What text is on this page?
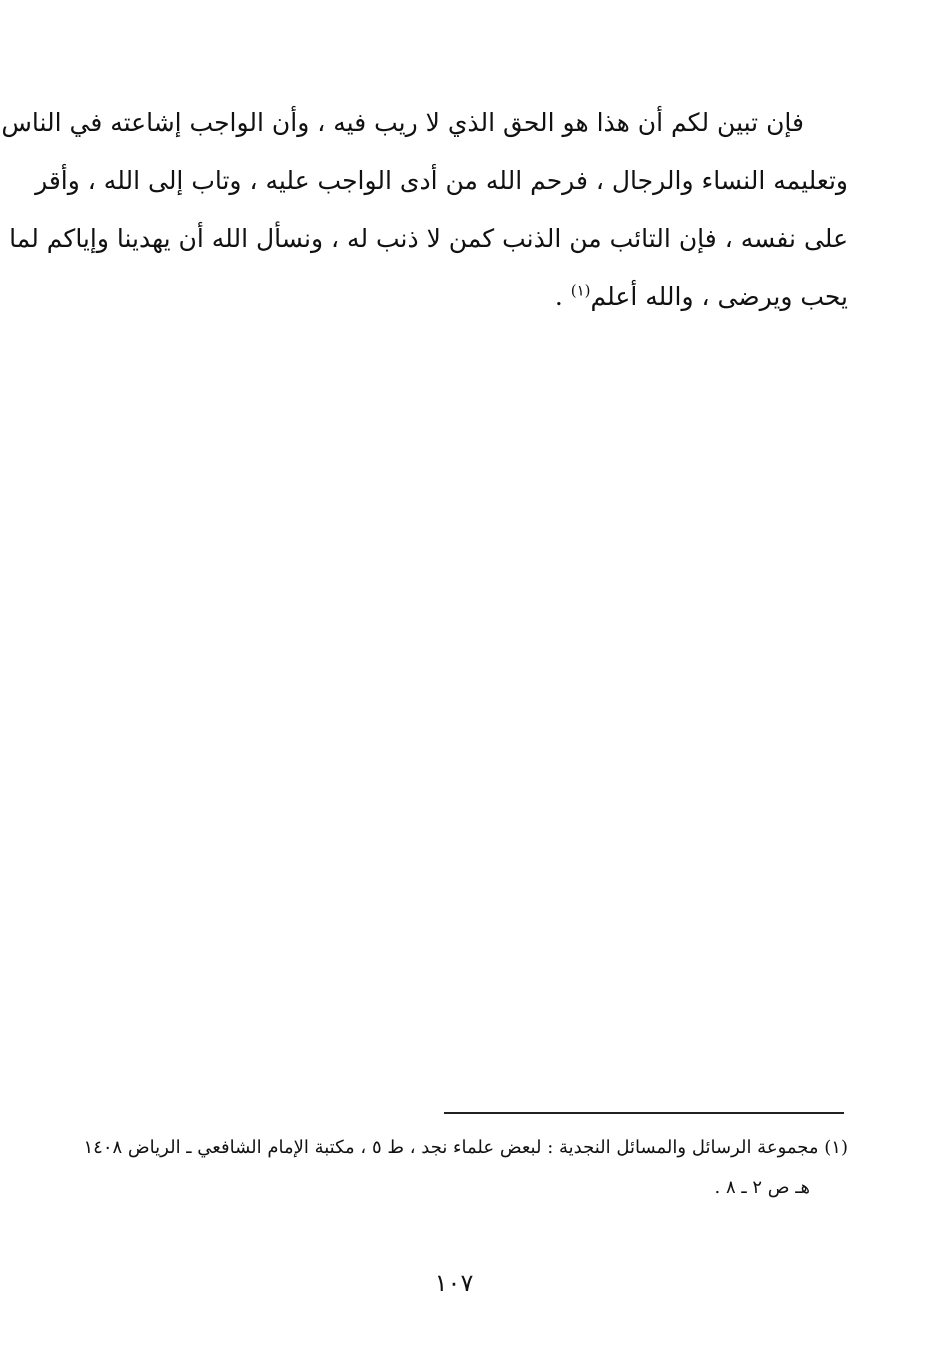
فإن تبين لكم أن هذا هو الحق الذي لا ريب فيه ، وأن الواجب إشاعته في الناس
وتعليمه النساء والرجال ، فرحم الله من أدى الواجب عليه ، وتاب إلى الله ، وأقر
على نفسه ، فإن التائب من الذنب كمن لا ذنب له ، ونسأل الله أن يهدينا وإياكم لما
يحب ويرضى ، والله أعلم$^{(١)}$ .
(١) مجموعة الرسائل والمسائل النجدية : لبعض علماء نجد ، ط ٥ ، مكتبة الإمام الشافعي ـ الرياض ١٤٠٨
هـ ص ٢ ـ ٨ .
١٠٧
